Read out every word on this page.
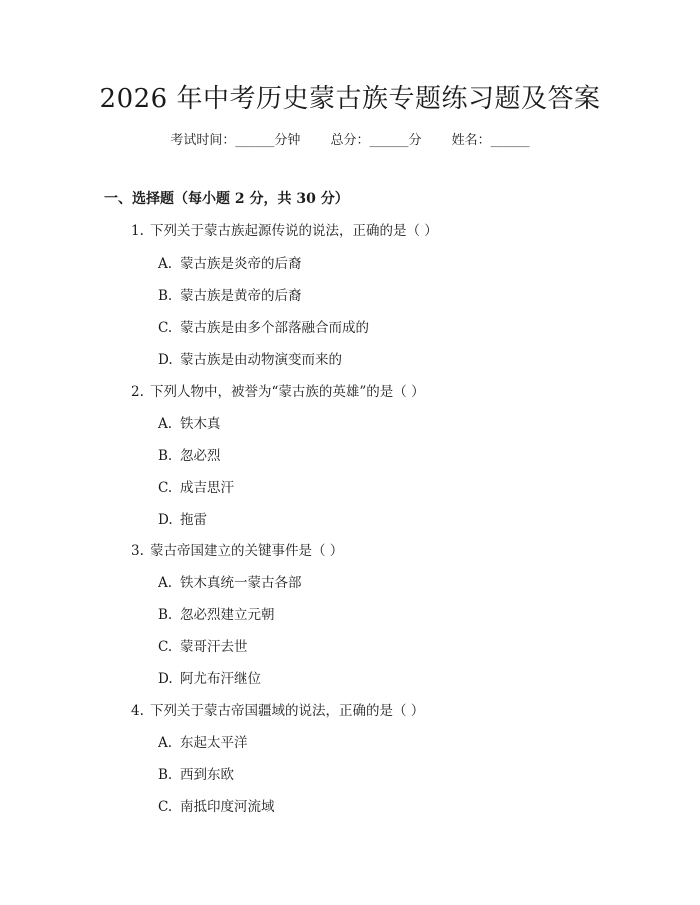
2026 年中考历史蒙古族专题练习题及答案
考试时间：______分钟 总分：______分 姓名：______
一、选择题（每小题 2 分，共 30 分）
1. 下列关于蒙古族起源传说的说法，正确的是（ ）
A. 蒙古族是炎帝的后裔
B. 蒙古族是黄帝的后裔
C. 蒙古族是由多个部落融合而成的
D. 蒙古族是由动物演变而来的
2. 下列人物中，被誉为“蒙古族的英雄”的是（ ）
A. 铁木真
B. 忽必烈
C. 成吉思汗
D. 拖雷
3. 蒙古帝国建立的关键事件是（ ）
A. 铁木真统一蒙古各部
B. 忽必烈建立元朝
C. 蒙哥汗去世
D. 阿尤布汗继位
4. 下列关于蒙古帝国疆域的说法，正确的是（ ）
A. 东起太平洋
B. 西到东欧
C. 南抵印度河流域
